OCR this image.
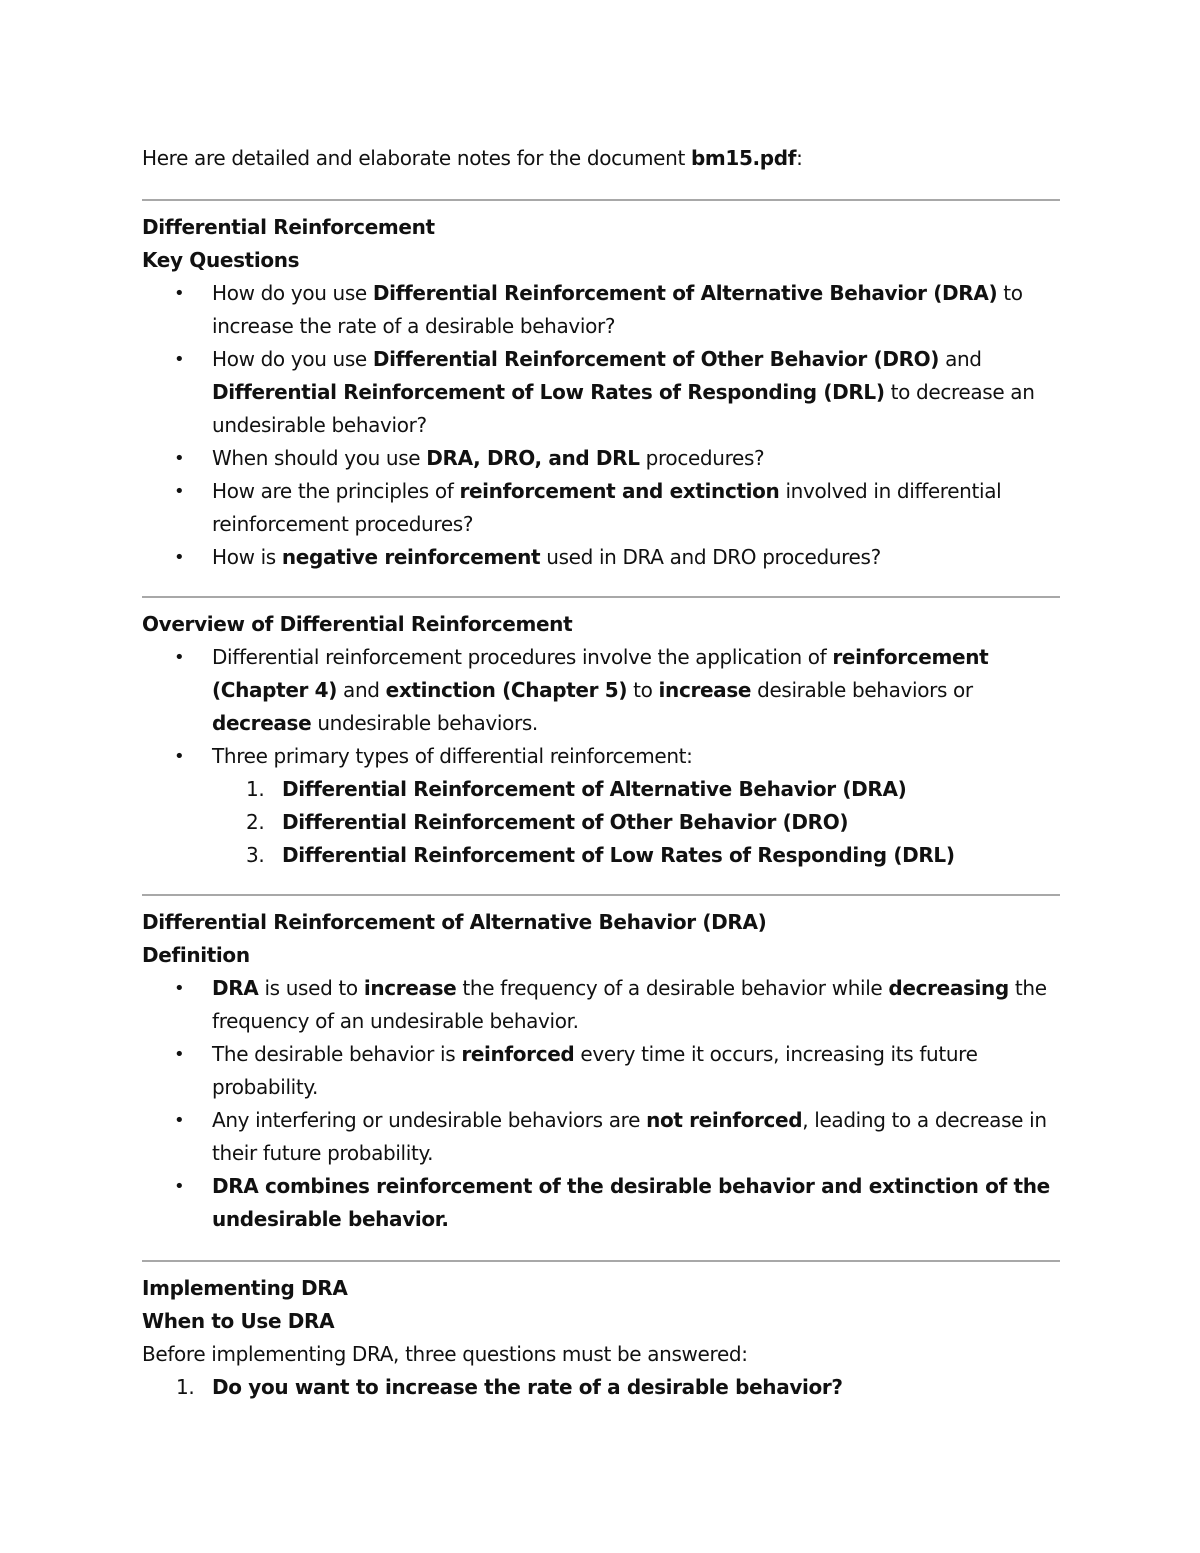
Here are detailed and elaborate notes for the document bm15.pdf:
Differential Reinforcement
Key Questions
• How do you use Differential Reinforcement of Alternative Behavior (DRA) to
increase the rate of a desirable behavior?
• How do you use Differential Reinforcement of Other Behavior (DRO) and
Differential Reinforcement of Low Rates of Responding (DRL) to decrease an
undesirable behavior?
• When should you use DRA, DRO, and DRL procedures?
• How are the principles of reinforcement and extinction involved in differential
reinforcement procedures?
• How is negative reinforcement used in DRA and DRO procedures?
Overview of Differential Reinforcement
• Differential reinforcement procedures involve the application of reinforcement
(Chapter 4) and extinction (Chapter 5) to increase desirable behaviors or
decrease undesirable behaviors.
• Three primary types of differential reinforcement:
1. Differential Reinforcement of Alternative Behavior (DRA)
2. Differential Reinforcement of Other Behavior (DRO)
3. Differential Reinforcement of Low Rates of Responding (DRL)
Differential Reinforcement of Alternative Behavior (DRA)
Definition
• DRA is used to increase the frequency of a desirable behavior while decreasing the
frequency of an undesirable behavior.
• The desirable behavior is reinforced every time it occurs, increasing its future
probability.
• Any interfering or undesirable behaviors are not reinforced, leading to a decrease in
their future probability.
• DRA combines reinforcement of the desirable behavior and extinction of the
undesirable behavior.
Implementing DRA
When to Use DRA
Before implementing DRA, three questions must be answered:
1. Do you want to increase the rate of a desirable behavior?
